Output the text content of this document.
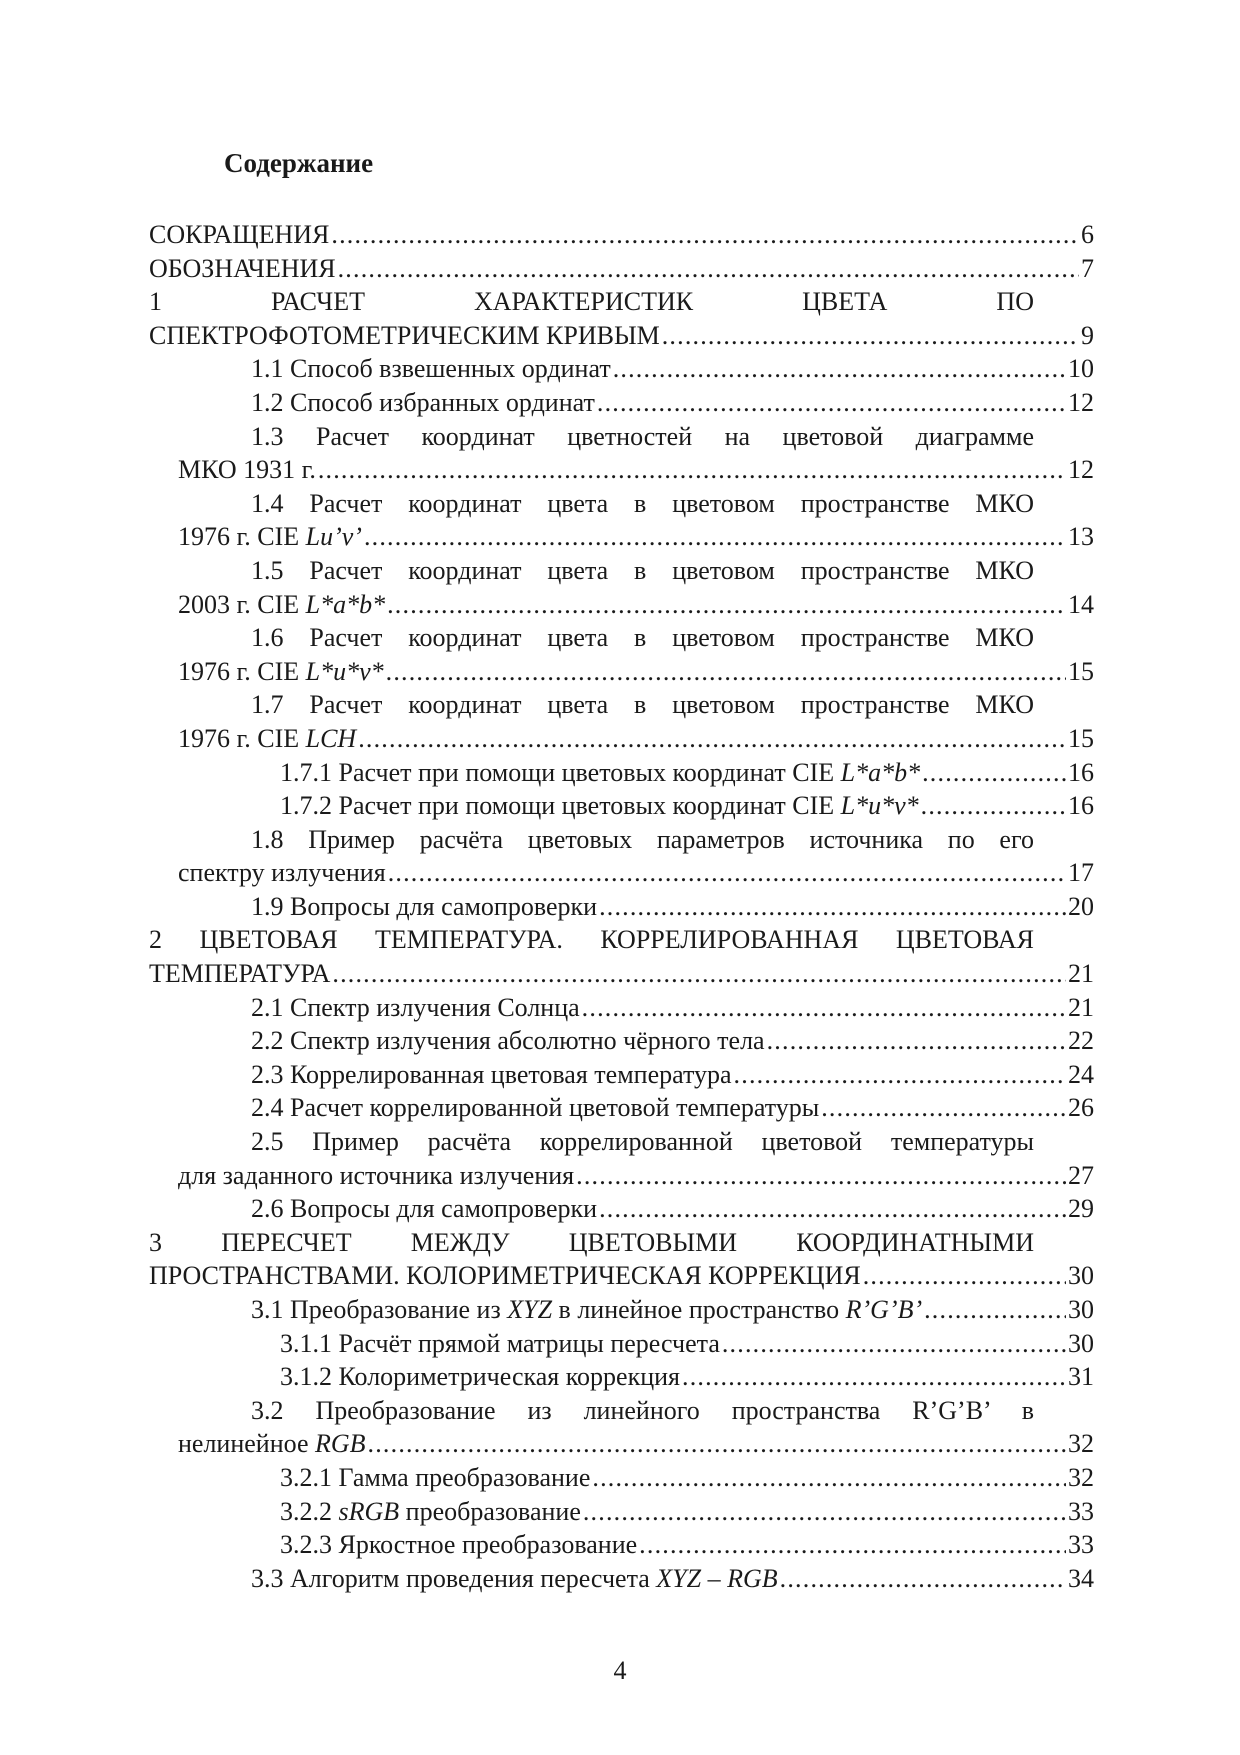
Содержание
СОКРАЩЕНИЯ .....	6
ОБОЗНАЧЕНИЯ .....	7
1 РАСЧЕТ ХАРАКТЕРИСТИК ЦВЕТА ПО
СПЕКТРОФОТОМЕТРИЧЕСКИМ КРИВЫМ .....	9
1.1 Способ взвешенных ординат .....	10
1.2 Способ избранных ординат .....	12
1.3 Расчет координат цветностей на цветовой диаграмме
МКО 1931 г. .....	12
1.4 Расчет координат цвета в цветовом пространстве МКО
1976 г. CIE Lu’v’ .....	13
1.5 Расчет координат цвета в цветовом пространстве МКО
2003 г. CIE L*a*b* .....	14
1.6 Расчет координат цвета в цветовом пространстве МКО
1976 г. CIE L*u*v* .....	15
1.7 Расчет координат цвета в цветовом пространстве МКО
1976 г. CIE LCH .....	15
1.7.1 Расчет при помощи цветовых координат CIE L*a*b* .....	16
1.7.2 Расчет при помощи цветовых координат CIE L*u*v* .....	16
1.8 Пример расчёта цветовых параметров источника по его
спектру излучения .....	17
1.9 Вопросы для самопроверки .....	20
2 ЦВЕТОВАЯ ТЕМПЕРАТУРА. КОРРЕЛИРОВАННАЯ ЦВЕТОВАЯ
ТЕМПЕРАТУРА .....	21
2.1 Спектр излучения Солнца .....	21
2.2 Спектр излучения абсолютно чёрного тела .....	22
2.3 Коррелированная цветовая температура .....	24
2.4 Расчет коррелированной цветовой температуры .....	26
2.5 Пример расчёта коррелированной цветовой температуры
для заданного источника излучения .....	27
2.6 Вопросы для самопроверки .....	29
3 ПЕРЕСЧЕТ МЕЖДУ ЦВЕТОВЫМИ КООРДИНАТНЫМИ
ПРОСТРАНСТВАМИ. КОЛОРИМЕТРИЧЕСКАЯ КОРРЕКЦИЯ .....	30
3.1 Преобразование из XYZ в линейное пространство R’G’B’ .....	30
3.1.1 Расчёт прямой матрицы пересчета .....	30
3.1.2 Колориметрическая коррекция .....	31
3.2 Преобразование из линейного пространства R’G’B’ в
нелинейное RGB .....	32
3.2.1 Гамма преобразование .....	32
3.2.2 sRGB преобразование .....	33
3.2.3 Яркостное преобразование .....	33
3.3 Алгоритм проведения пересчета XYZ – RGB .....	34
4
